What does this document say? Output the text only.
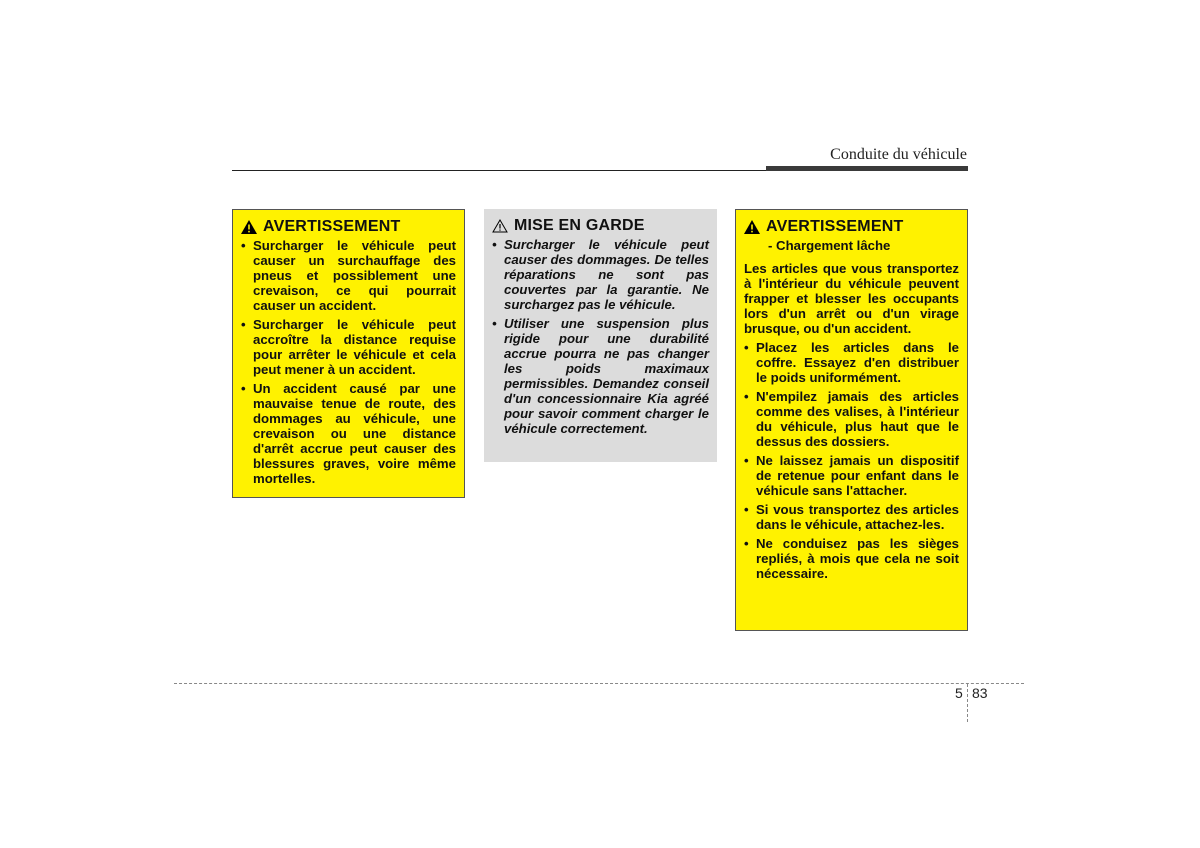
Conduite du véhicule
AVERTISSEMENT
• Surcharger le véhicule peut causer un surchauffage des pneus et possiblement une crevaison, ce qui pourrait causer un accident.
• Surcharger le véhicule peut accroître la distance requise pour arrêter le véhicule et cela peut mener à un accident.
• Un accident causé par une mauvaise tenue de route, des dommages au véhicule, une crevaison ou une distance d'arrêt accrue peut causer des blessures graves, voire même mortelles.
MISE EN GARDE
• Surcharger le véhicule peut causer des dommages. De telles réparations ne sont pas couvertes par la garantie. Ne surchargez pas le véhicule.
• Utiliser une suspension plus rigide pour une durabilité accrue pourra ne pas changer les poids maximaux permissibles. Demandez conseil d'un concessionnaire Kia agréé pour savoir comment charger le véhicule correctement.
AVERTISSEMENT
- Chargement lâche
Les articles que vous transportez à l'intérieur du véhicule peuvent frapper et blesser les occupants lors d'un arrêt ou d'un virage brusque, ou d'un accident.
• Placez les articles dans le coffre. Essayez d'en distribuer le poids uniformément.
• N'empilez jamais des articles comme des valises, à l'intérieur du véhicule, plus haut que le dessus des dossiers.
• Ne laissez jamais un dispositif de retenue pour enfant dans le véhicule sans l'attacher.
• Si vous transportez des articles dans le véhicule, attachez-les.
• Ne conduisez pas les sièges repliés, à mois que cela ne soit nécessaire.
5 83
